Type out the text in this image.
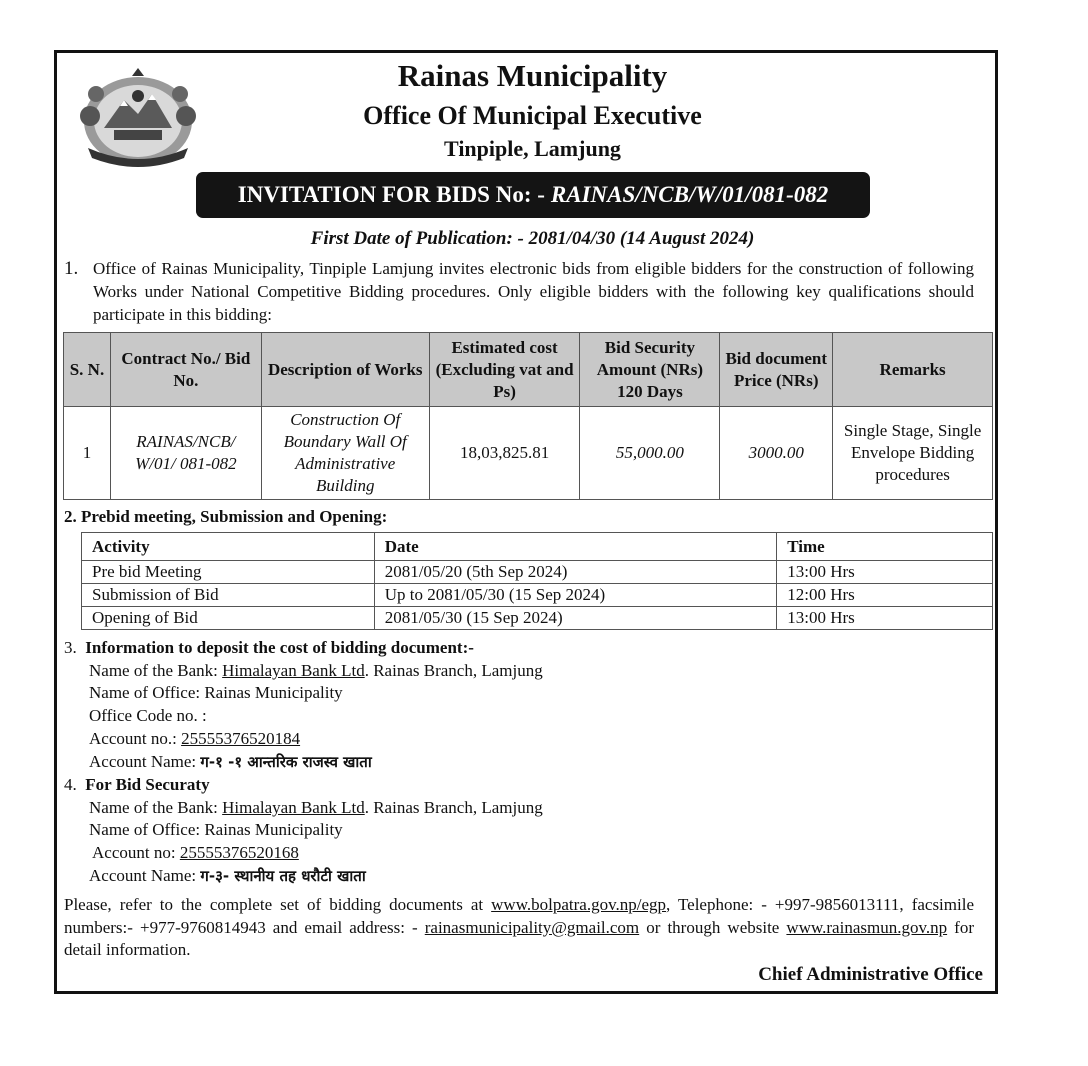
Rainas Municipality
Office Of Municipal Executive
Tinpiple, Lamjung
INVITATION FOR BIDS No: - RAINAS/NCB/W/01/081-082
First Date of Publication: - 2081/04/30 (14 August 2024)
1. Office of Rainas Municipality, Tinpiple Lamjung invites electronic bids from eligible bidders for the construction of following Works under National Competitive Bidding procedures. Only eligible bidders with the following key qualifications should participate in this bidding:
S. N.	Contract No./ Bid No.	Description of Works	Estimated cost (Excluding vat and Ps)	Bid Security Amount (NRs) 120 Days	Bid document Price (NRs)	Remarks
1	RAINAS/NCB/ W/01/ 081-082	Construction Of Boundary Wall Of Administrative Building	18,03,825.81	55,000.00	3000.00	Single Stage, Single Envelope Bidding procedures
2. Prebid meeting, Submission and Opening:
Activity	Date	Time
Pre bid Meeting	2081/05/20 (5th Sep 2024)	13:00 Hrs
Submission of Bid	Up to 2081/05/30 (15 Sep 2024)	12:00 Hrs
Opening of Bid	2081/05/30 (15 Sep 2024)	13:00 Hrs
3. Information to deposit the cost of bidding document:-
Name of the Bank: Himalayan Bank Ltd. Rainas Branch, Lamjung
Name of Office: Rainas Municipality
Office Code no. :
Account no.: 25555376520184
Account Name: ग-१ -१ आन्तरिक राजस्व खाता
4. For Bid Securaty
Name of the Bank: Himalayan Bank Ltd. Rainas Branch, Lamjung
Name of Office: Rainas Municipality
Account no: 25555376520168
Account Name: ग-३- स्थानीय तह धरौटी खाता
Please, refer to the complete set of bidding documents at www.bolpatra.gov.np/egp, Telephone: - +997-9856013111, facsimile numbers:- +977-9760814943 and email address: - rainasmunicipality@gmail.com or through website www.rainasmun.gov.np for detail information.
Chief Administrative Office
